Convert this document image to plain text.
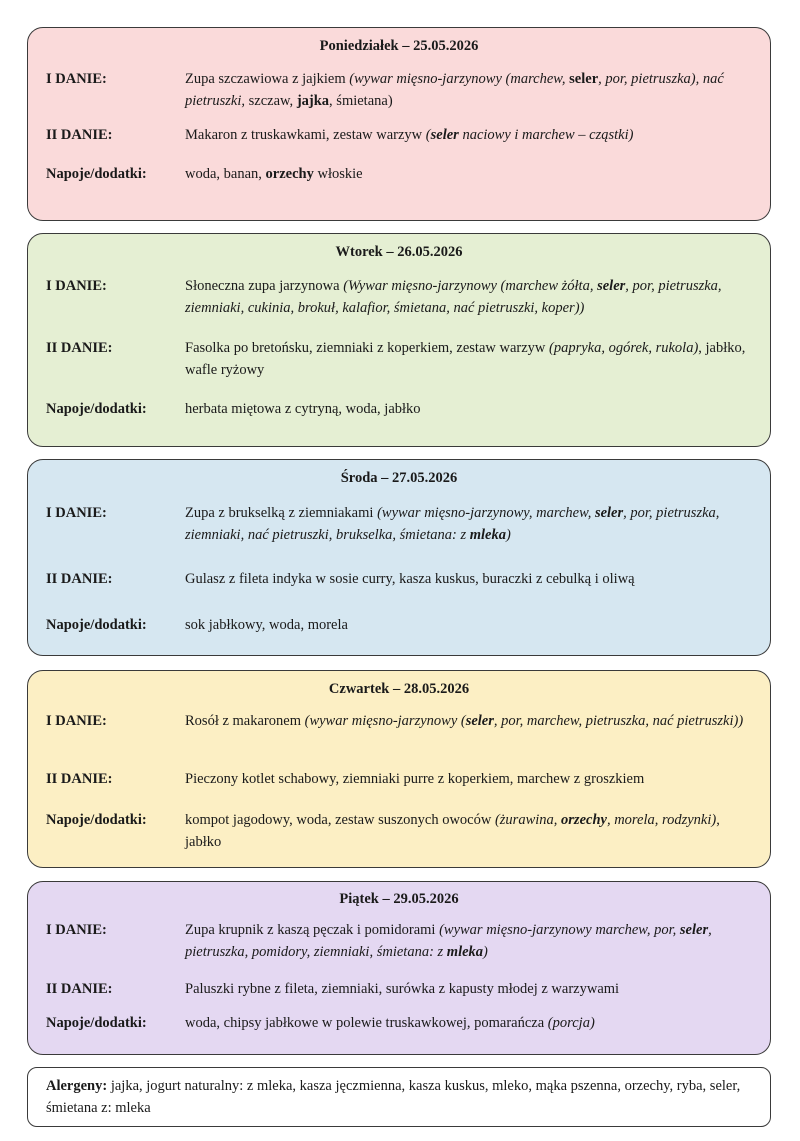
Poniedziałek – 25.05.2026
I DANIE:	Zupa szczawiowa z jajkiem (wywar mięsno-jarzynowy (marchew, seler, por, pietruszka), nać pietruszki, szczaw, jajka, śmietana)
II DANIE:	Makaron z truskawkami, zestaw warzyw (seler naciowy i marchew – cząstki)
Napoje/dodatki:	woda, banan, orzechy włoskie
Wtorek – 26.05.2026
I DANIE:	Słoneczna zupa jarzynowa (Wywar mięsno-jarzynowy (marchew żółta, seler, por, pietruszka, ziemniaki, cukinia, brokuł, kalafior, śmietana, nać pietruszki, koper))
II DANIE:	Fasolka po bretońsku, ziemniaki z koperkiem, zestaw warzyw (papryka, ogórek, rukola), jabłko, wafle ryżowy
Napoje/dodatki:	herbata miętowa z cytryną, woda, jabłko
Środa – 27.05.2026
I DANIE:	Zupa z brukselką z ziemniakami (wywar mięsno-jarzynowy, marchew, seler, por, pietruszka, ziemniaki, nać pietruszki, brukselka, śmietana: z mleka)
II DANIE:	Gulasz z fileta indyka w sosie curry, kasza kuskus, buraczki z cebulką i oliwą
Napoje/dodatki:	sok jabłkowy, woda, morela
Czwartek – 28.05.2026
I DANIE:	Rosół z makaronem (wywar mięsno-jarzynowy (seler, por, marchew, pietruszka, nać pietruszki))
II DANIE:	Pieczony kotlet schabowy, ziemniaki purre z koperkiem, marchew z groszkiem
Napoje/dodatki:	kompot jagodowy, woda, zestaw suszonych owoców (żurawina, orzechy, morela, rodzynki), jabłko
Piątek – 29.05.2026
I DANIE:	Zupa krupnik z kaszą pęczak i pomidorami (wywar mięsno-jarzynowy marchew, por, seler, pietruszka, pomidory, ziemniaki, śmietana: z mleka)
II DANIE:	Paluszki rybne z fileta, ziemniaki, surówka z kapusty młodej z warzywami
Napoje/dodatki:	woda, chipsy jabłkowe w polewie truskawkowej, pomarańcza (porcja)
Alergeny: jajka, jogurt naturalny: z mleka, kasza jęczmienna, kasza kuskus, mleko, mąka pszenna, orzechy, ryba, seler, śmietana z: mleka
